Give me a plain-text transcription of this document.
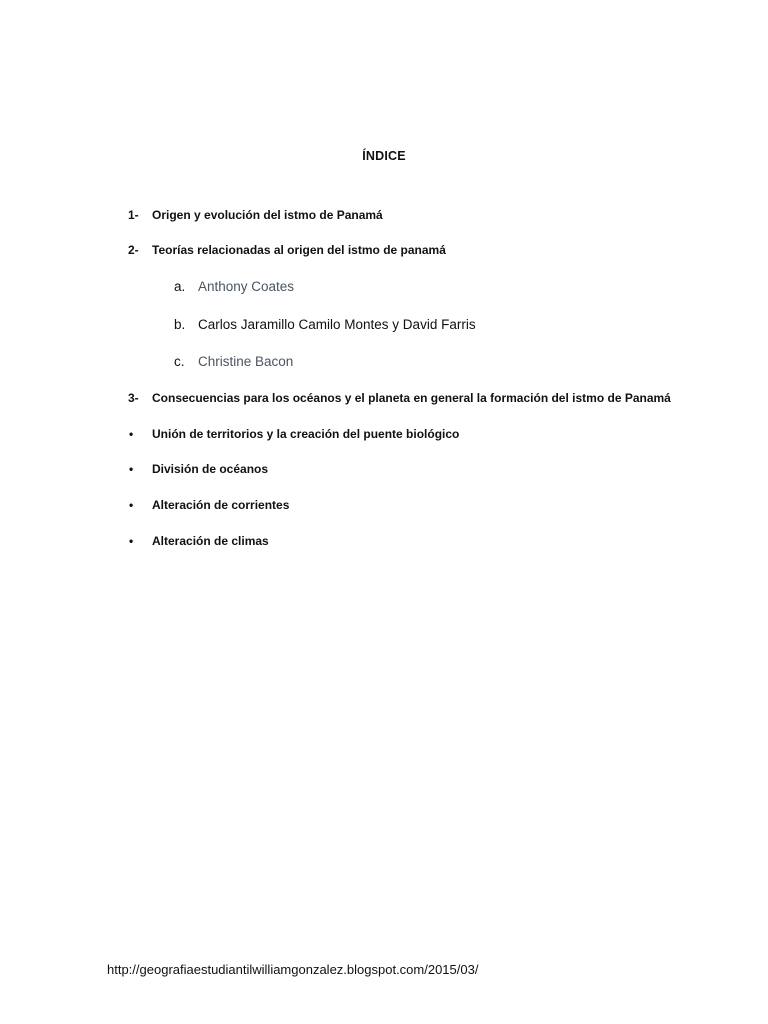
ÍNDICE
1- Origen y evolución del istmo de Panamá
2- Teorías relacionadas al origen del istmo de panamá
a. Anthony Coates
b. Carlos Jaramillo Camilo Montes y David Farris
c. Christine Bacon
3- Consecuencias para los océanos y el planeta en general la formación del istmo de Panamá
• Unión de territorios y la creación del puente biológico
• División de océanos
• Alteración de corrientes
• Alteración de climas
http://geografiaestudiantilwilliamgonzalez.blogspot.com/2015/03/
